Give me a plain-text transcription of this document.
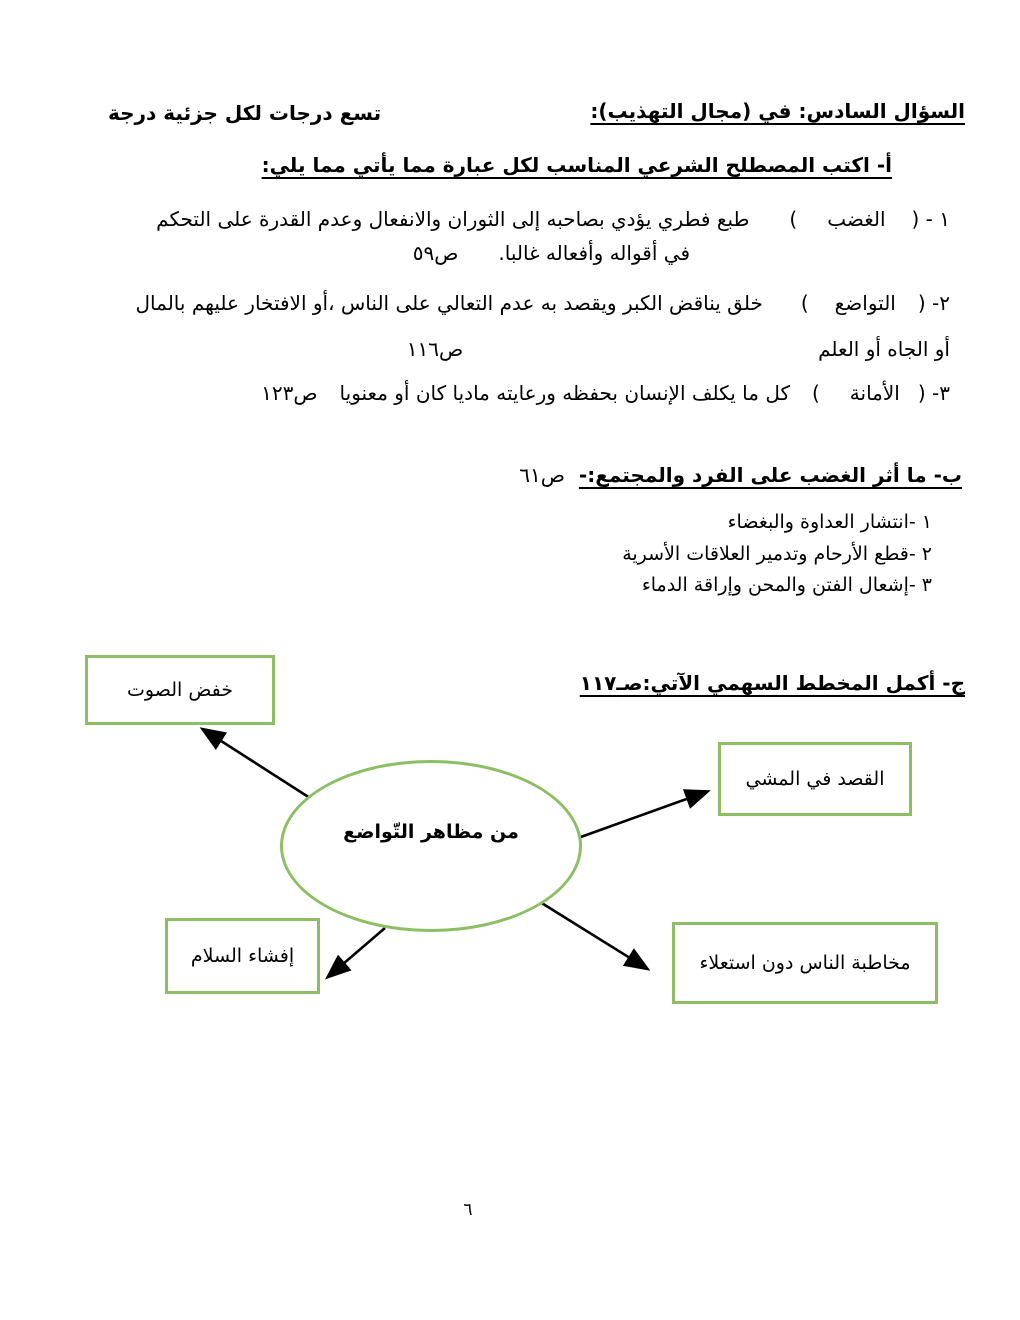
السؤال السادس: في (مجال التهذيب):
تسع درجات لكل جزئية درجة
أ- اكتب المصطلح الشرعي المناسب لكل عبارة مما يأتي مما يلي:
١ - (الغضب)طبع فطري يؤدي بصاحبه إلى الثوران والانفعال وعدم القدرة على التحكم
في أقواله وأفعاله غالبا.ص٥٩
٢- (التواضع)خلق يناقض الكبر ويقصد به عدم التعالي على الناس ،أو الافتخار عليهم بالمال
أو الجاه أو العلمص١١٦
٣- (الأمانة)كل ما يكلف الإنسان بحفظه ورعايته ماديا كان أو معنوياص١٢٣
ب- ما أثر الغضب على الفرد والمجتمع:-ص٦١
١ -انتشار العداوة والبغضاء
٢ -قطع الأرحام وتدمير العلاقات الأسرية
٣ -إشعال الفتن والمحن وإراقة الدماء
ج- أكمل المخطط السهمي الآتي:صـ١١٧
خفض الصوت
القصد في المشي
إفشاء السلام	مخاطبة الناس دون استعلاء
من مظاهر التّواضع
٦
